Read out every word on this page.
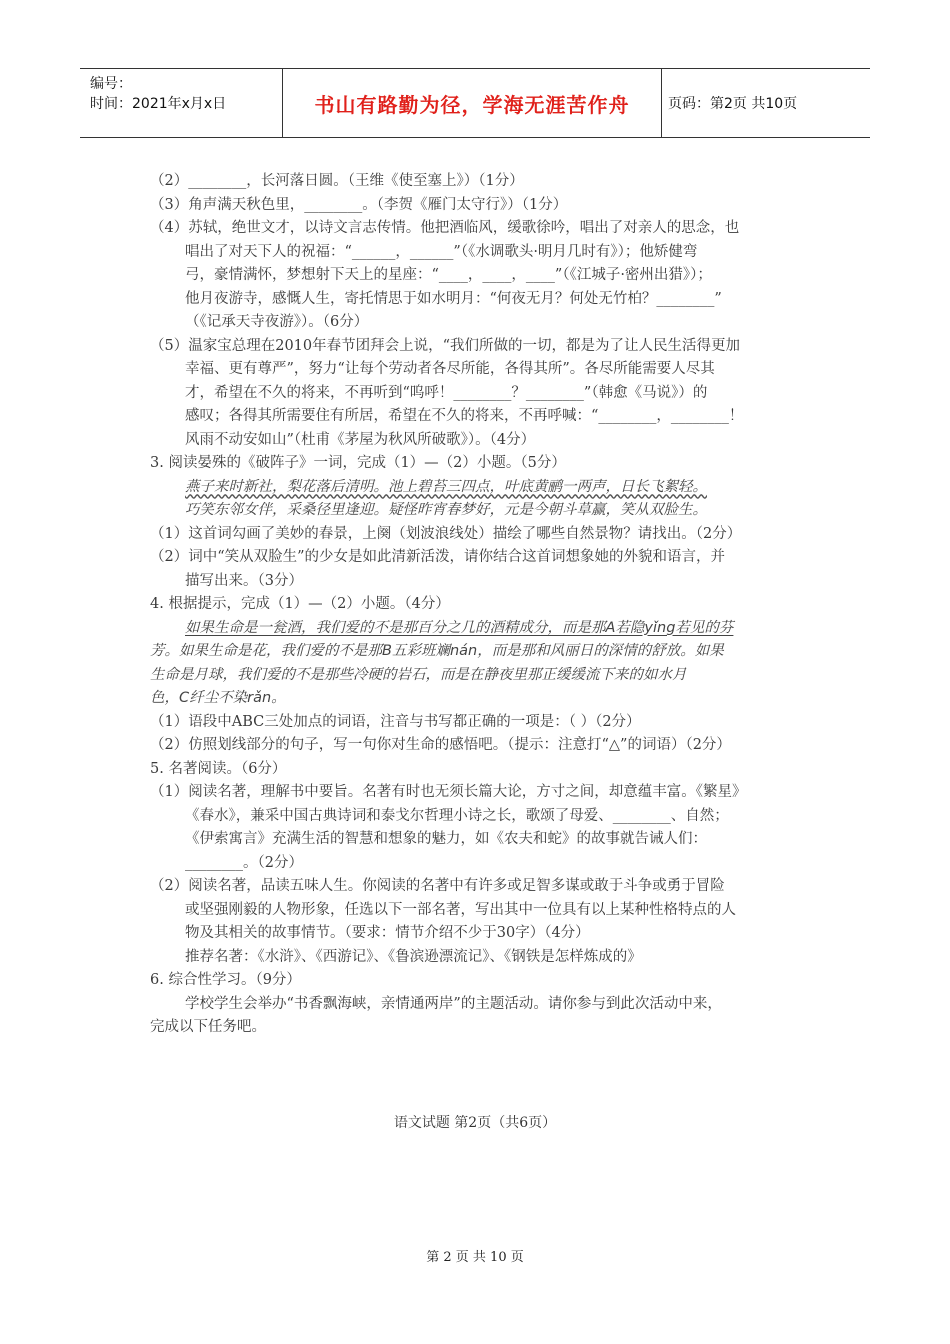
编号：
时间：2021年x月x日	书山有路勤为径，学海无涯苦作舟	页码：第2页 共10页

（2）________，长河落日圆。（王维《使至塞上》）（1分）

（3）角声满天秋色里，________。（李贺《雁门太守行》）（1分）

（4）苏轼，绝世文才，以诗文言志传情。他把酒临风，缓歌徐吟，唱出了对亲人的思念，也

唱出了对天下人的祝福：“______，______”（《水调歌头·明月几时有》）；他矫健弯

弓，豪情满怀，梦想射下天上的星座：“____，____，____”（《江城子·密州出猎》）；

他月夜游寺，感慨人生，寄托情思于如水明月：“何夜无月？何处无竹柏？________”

（《记承天寺夜游》）。（6分）

（5）温家宝总理在2010年春节团拜会上说，“我们所做的一切，都是为了让人民生活得更加

幸福、更有尊严”，努力“让每个劳动者各尽所能，各得其所”。各尽所能需要人尽其

才，希望在不久的将来，不再听到“呜呼！________？________”（韩愈《马说》）的

感叹；各得其所需要住有所居，希望在不久的将来，不再呼喊：“________，________！

风雨不动安如山”（杜甫《茅屋为秋风所破歌》）。（4分）

3. 阅读晏殊的《破阵子》一词，完成（1）—（2）小题。（5分）

燕子来时新社，梨花落后清明。池上碧苔三四点，叶底黄鹂一两声，日长飞絮轻。

巧笑东邻女伴，采桑径里逢迎。疑怪昨宵春梦好，元是今朝斗草赢，笑从双脸生。

（1）这首词勾画了美妙的春景，上阕（划波浪线处）描绘了哪些自然景物？请找出。（2分）

（2）词中“笑从双脸生”的少女是如此清新活泼，请你结合这首词想象她的外貌和语言，并

描写出来。（3分）

4. 根据提示，完成（1）—（2）小题。（4分）

如果生命是一瓮酒，我们爱的不是那百分之几的酒精成分，而是那A若隐yǐng若见的芬

芳。如果生命是花，我们爱的不是那B五彩班斓nán，而是那和风丽日的深情的舒放。如果

生命是月球，我们爱的不是那些冷硬的岩石，而是在静夜里那正缓缓流下来的如水月

色，C纤尘不染rǎn。

（1）语段中ABC三处加点的词语，注音与书写都正确的一项是：（ ）（2分）

（2）仿照划线部分的句子，写一句你对生命的感悟吧。（提示：注意打“△”的词语）（2分）

5. 名著阅读。（6分）

（1）阅读名著，理解书中要旨。名著有时也无须长篇大论，方寸之间，却意蕴丰富。《繁星》

《春水》，兼采中国古典诗词和泰戈尔哲理小诗之长，歌颂了母爱、________、自然；

《伊索寓言》充满生活的智慧和想象的魅力，如《农夫和蛇》的故事就告诫人们：

________。（2分）

（2）阅读名著，品读五味人生。你阅读的名著中有许多或足智多谋或敢于斗争或勇于冒险

或坚强刚毅的人物形象，任选以下一部名著，写出其中一位具有以上某种性格特点的人

物及其相关的故事情节。（要求：情节介绍不少于30字）（4分）

推荐名著：《水浒》、《西游记》、《鲁滨逊漂流记》、《钢铁是怎样炼成的》

6. 综合性学习。（9分）

学校学生会举办“书香飘海峡，亲情通两岸”的主题活动。请你参与到此次活动中来，

完成以下任务吧。

语文试题 第2页（共6页）
第 2 页 共 10 页
